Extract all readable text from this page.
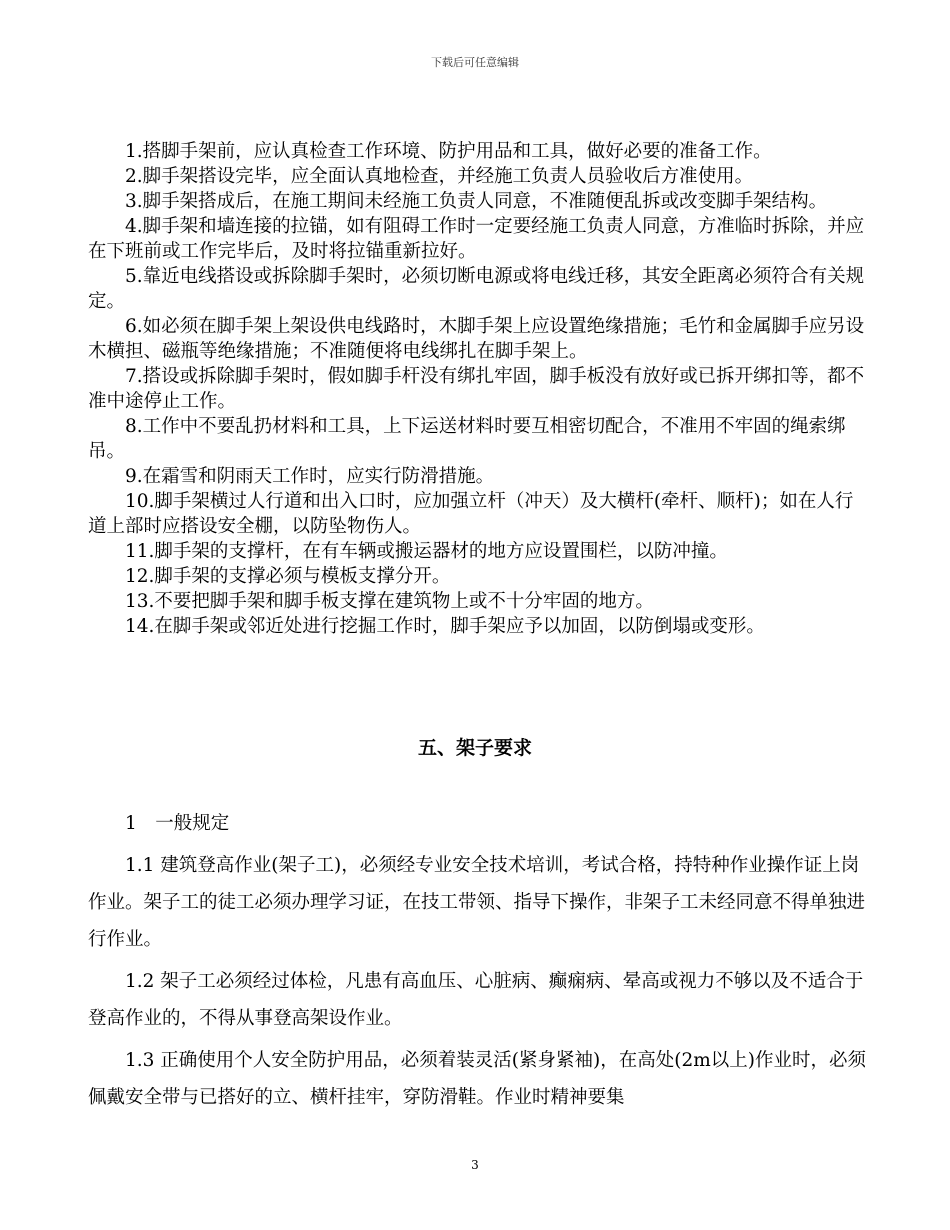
下载后可任意编辑

1.搭脚手架前，应认真检查工作环境、防护用品和工具，做好必要的准备工作。

2.脚手架搭设完毕，应全面认真地检查，并经施工负责人员验收后方准使用。

3.脚手架搭成后，在施工期间未经施工负责人同意，不准随便乱拆或改变脚手架结构。

4.脚手架和墙连接的拉锚，如有阻碍工作时一定要经施工负责人同意，方准临时拆除，并应在下班前或工作完毕后，及时将拉锚重新拉好。

5.靠近电线搭设或拆除脚手架时，必须切断电源或将电线迁移，其安全距离必须符合有关规定。

6.如必须在脚手架上架设供电线路时，木脚手架上应设置绝缘措施；毛竹和金属脚手应另设木横担、磁瓶等绝缘措施；不准随便将电线绑扎在脚手架上。

7.搭设或拆除脚手架时，假如脚手杆没有绑扎牢固，脚手板没有放好或已拆开绑扣等，都不准中途停止工作。

8.工作中不要乱扔材料和工具，上下运送材料时要互相密切配合，不准用不牢固的绳索绑吊。

9.在霜雪和阴雨天工作时，应实行防滑措施。

10.脚手架横过人行道和出入口时，应加强立杆（冲天）及大横杆(牵杆、顺杆)；如在人行道上部时应搭设安全棚，以防坠物伤人。

11.脚手架的支撑杆，在有车辆或搬运器材的地方应设置围栏，以防冲撞。

12.脚手架的支撑必须与模板支撑分开。

13.不要把脚手架和脚手板支撑在建筑物上或不十分牢固的地方。

14.在脚手架或邻近处进行挖掘工作时，脚手架应予以加固，以防倒塌或变形。

五、架子要求

1　一般规定

1.1 建筑登高作业(架子工)，必须经专业安全技术培训，考试合格，持特种作业操作证上岗作业。架子工的徒工必须办理学习证，在技工带领、指导下操作，非架子工未经同意不得单独进行作业。

1.2 架子工必须经过体检，凡患有高血压、心脏病、癫痫病、晕高或视力不够以及不适合于登高作业的，不得从事登高架设作业。

1.3 正确使用个人安全防护用品，必须着装灵活(紧身紧袖)，在高处(2m以上)作业时，必须佩戴安全带与已搭好的立、横杆挂牢，穿防滑鞋。作业时精神要集

3
